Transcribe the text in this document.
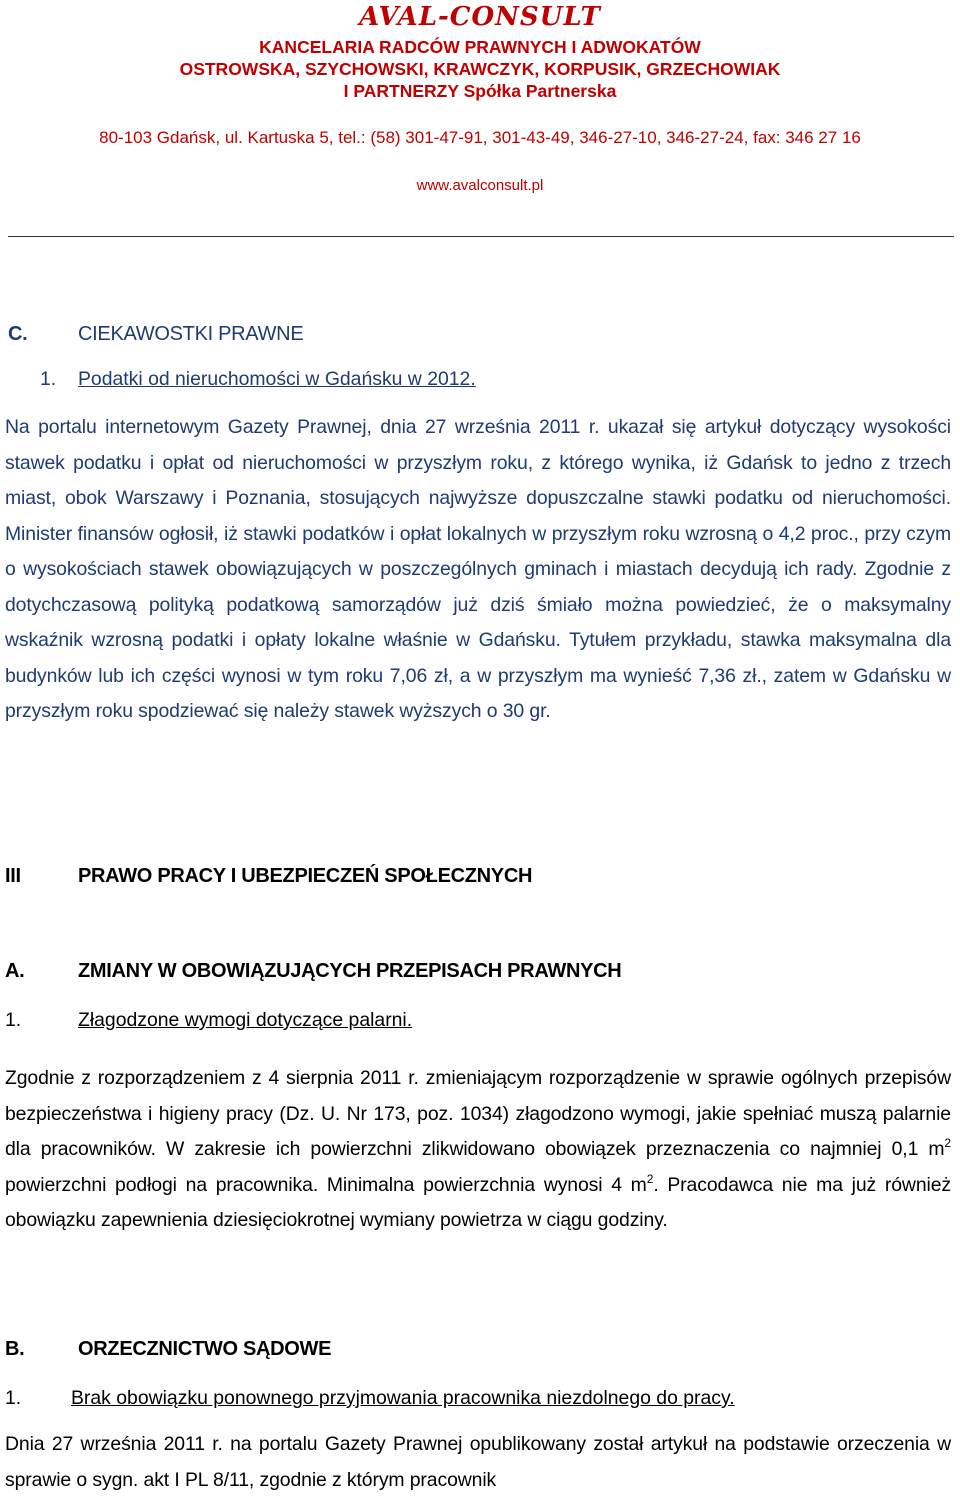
AVAL-CONSULT
KANCELARIA RADCÓW PRAWNYCH I ADWOKATÓW
OSTROWSKA, SZYCHOWSKI, KRAWCZYK, KORPUSIK, GRZECHOWIAK
I PARTNERZY Spółka Partnerska
80-103 Gdańsk, ul. Kartuska 5, tel.: (58) 301-47-91, 301-43-49, 346-27-10, 346-27-24, fax: 346 27 16
www.avalconsult.pl
C.	CIEKAWOSTKI PRAWNE
1. Podatki od nieruchomości w Gdańsku w 2012.

Na portalu internetowym Gazety Prawnej, dnia 27 września 2011 r. ukazał się artykuł dotyczący wysokości stawek podatku i opłat od nieruchomości w przyszłym roku, z którego wynika, iż Gdańsk to jedno z trzech miast, obok Warszawy i Poznania, stosujących najwyższe dopuszczalne stawki podatku od nieruchomości. Minister finansów ogłosił, iż stawki podatków i opłat lokalnych w przyszłym roku wzrosną o 4,2 proc., przy czym o wysokościach stawek obowiązujących w poszczególnych gminach i miastach decydują ich rady. Zgodnie z dotychczasową polityką podatkową samorządów już dziś śmiało można powiedzieć, że o maksymalny wskaźnik wzrosną podatki i opłaty lokalne właśnie w Gdańsku. Tytułem przykładu, stawka maksymalna dla budynków lub ich części wynosi w tym roku 7,06 zł, a w przyszłym ma wynieść 7,36 zł., zatem w Gdańsku w przyszłym roku spodziewać się należy stawek wyższych o 30 gr.

III	PRAWO PRACY I UBEZPIECZEŃ SPOŁECZNYCH
A.	ZMIANY W OBOWIĄZUJĄCYCH PRZEPISACH PRAWNYCH
1.	Złagodzone wymogi dotyczące palarni.

Zgodnie z rozporządzeniem z 4 sierpnia 2011 r. zmieniającym rozporządzenie w sprawie ogólnych przepisów bezpieczeństwa i higieny pracy (Dz. U. Nr 173, poz. 1034) złagodzono wymogi, jakie spełniać muszą palarnie dla pracowników. W zakresie ich powierzchni zlikwidowano obowiązek przeznaczenia co najmniej 0,1 $m^2$ powierzchni podłogi na pracownika. Minimalna powierzchnia wynosi 4 $m^2$. Pracodawca nie ma już również obowiązku zapewnienia dziesięciokrotnej wymiany powietrza w ciągu godziny.

B.	ORZECZNICTWO SĄDOWE
1.	Brak obowiązku ponownego przyjmowania pracownika niezdolnego do pracy.

Dnia 27 września 2011 r. na portalu Gazety Prawnej opublikowany został artykuł na podstawie orzeczenia w sprawie o sygn. akt I PL 8/11, zgodnie z którym pracownik
